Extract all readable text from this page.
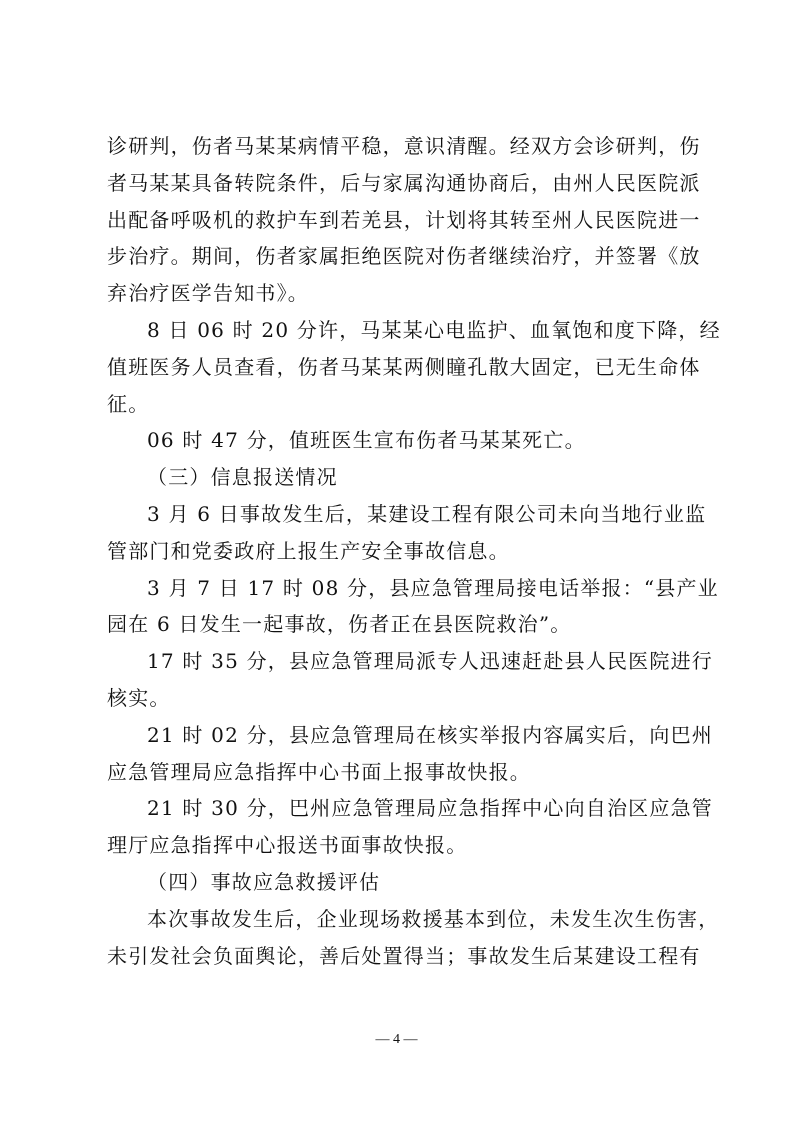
诊研判，伤者马某某病情平稳，意识清醒。经双方会诊研判，伤
者马某某具备转院条件，后与家属沟通协商后，由州人民医院派
出配备呼吸机的救护车到若羌县，计划将其转至州人民医院进一
步治疗。期间，伤者家属拒绝医院对伤者继续治疗，并签署《放
弃治疗医学告知书》。
8 日 06 时 20 分许，马某某心电监护、血氧饱和度下降，经
值班医务人员查看，伤者马某某两侧瞳孔散大固定，已无生命体
征。
06 时 47 分，值班医生宣布伤者马某某死亡。
（三）信息报送情况
3 月 6 日事故发生后，某建设工程有限公司未向当地行业监
管部门和党委政府上报生产安全事故信息。
3 月 7 日 17 时 08 分，县应急管理局接电话举报：“县产业
园在 6 日发生一起事故，伤者正在县医院救治”。
17 时 35 分，县应急管理局派专人迅速赶赴县人民医院进行
核实。
21 时 02 分，县应急管理局在核实举报内容属实后，向巴州
应急管理局应急指挥中心书面上报事故快报。
21 时 30 分，巴州应急管理局应急指挥中心向自治区应急管
理厅应急指挥中心报送书面事故快报。
（四）事故应急救援评估
本次事故发生后，企业现场救援基本到位，未发生次生伤害，
未引发社会负面舆论，善后处置得当；事故发生后某建设工程有
— 4 —
